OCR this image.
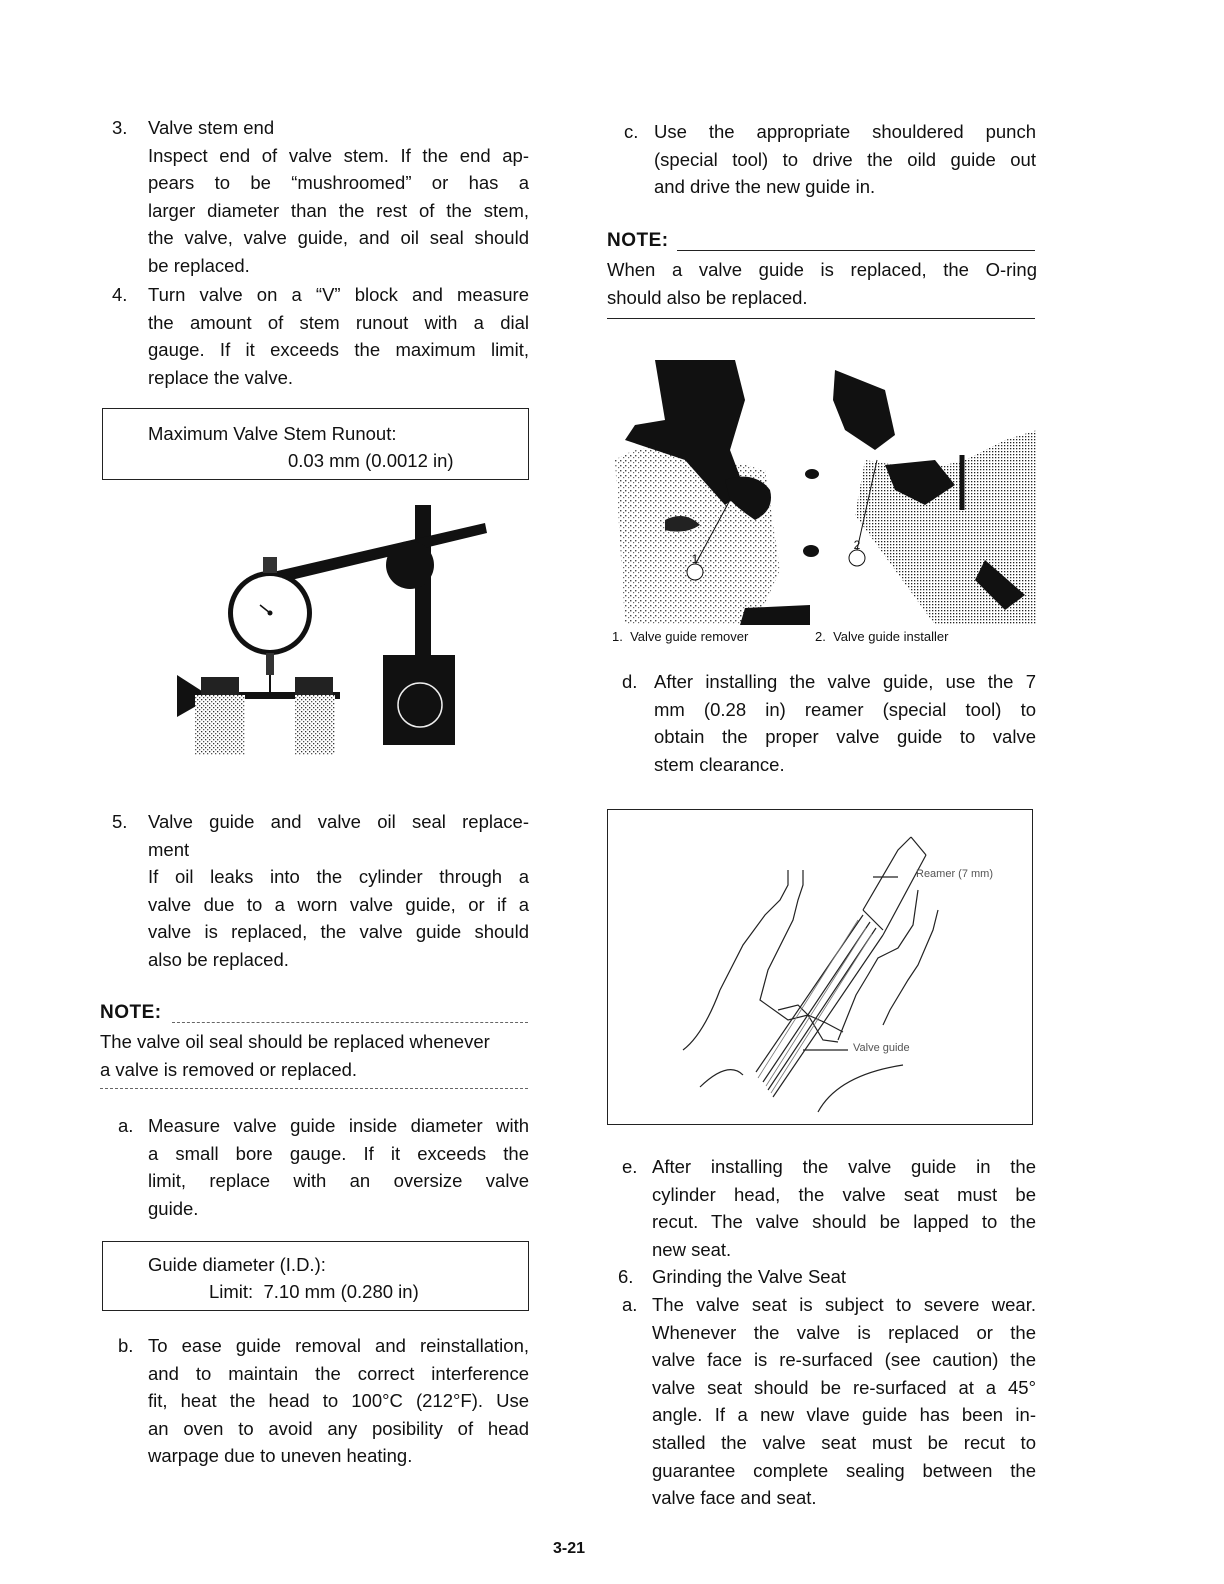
3. Valve stem end
Inspect end of valve stem. If the end ap-
pears to be “mushroomed” or has a
larger diameter than the rest of the stem,
the valve, valve guide, and oil seal should
be replaced.
4. Turn valve on a “V” block and measure
the amount of stem runout with a dial
gauge. If it exceeds the maximum limit,
replace the valve.
Maximum Valve Stem Runout:
0.03 mm (0.0012 in)
5. Valve guide and valve oil seal replace-
ment
If oil leaks into the cylinder through a
valve due to a worn valve guide, or if a
valve is replaced, the valve guide should
also be replaced.
NOTE:
The valve oil seal should be replaced whenever
a valve is removed or replaced.
a. Measure valve guide inside diameter with
a small bore gauge. If it exceeds the
limit, replace with an oversize valve
guide.
Guide diameter (I.D.):
Limit:  7.10 mm (0.280 in)
b. To ease guide removal and reinstallation,
and to maintain the correct interference
fit, heat the head to 100°C (212°F). Use
an oven to avoid any posibility of head
warpage due to uneven heating.
c. Use the appropriate shouldered punch
(special tool) to drive the oild guide out
and drive the new guide in.
NOTE:
When a valve guide is replaced, the O-ring
should also be replaced.
1
2
1.  Valve guide remover	2.  Valve guide installer
d. After installing the valve guide, use the 7
mm (0.28 in) reamer (special tool) to
obtain the proper valve guide to valve
stem clearance.
Reamer (7 mm)
Valve guide
e. After installing the valve guide in the
cylinder head, the valve seat must be
recut. The valve should be lapped to the
new seat.
6. Grinding the Valve Seat
a. The valve seat is subject to severe wear.
Whenever the valve is replaced or the
valve face is re-surfaced (see caution) the
valve seat should be re-surfaced at a 45°
angle. If a new vlave guide has been in-
stalled the valve seat must be recut to
guarantee complete sealing between the
valve face and seat.
3-21
